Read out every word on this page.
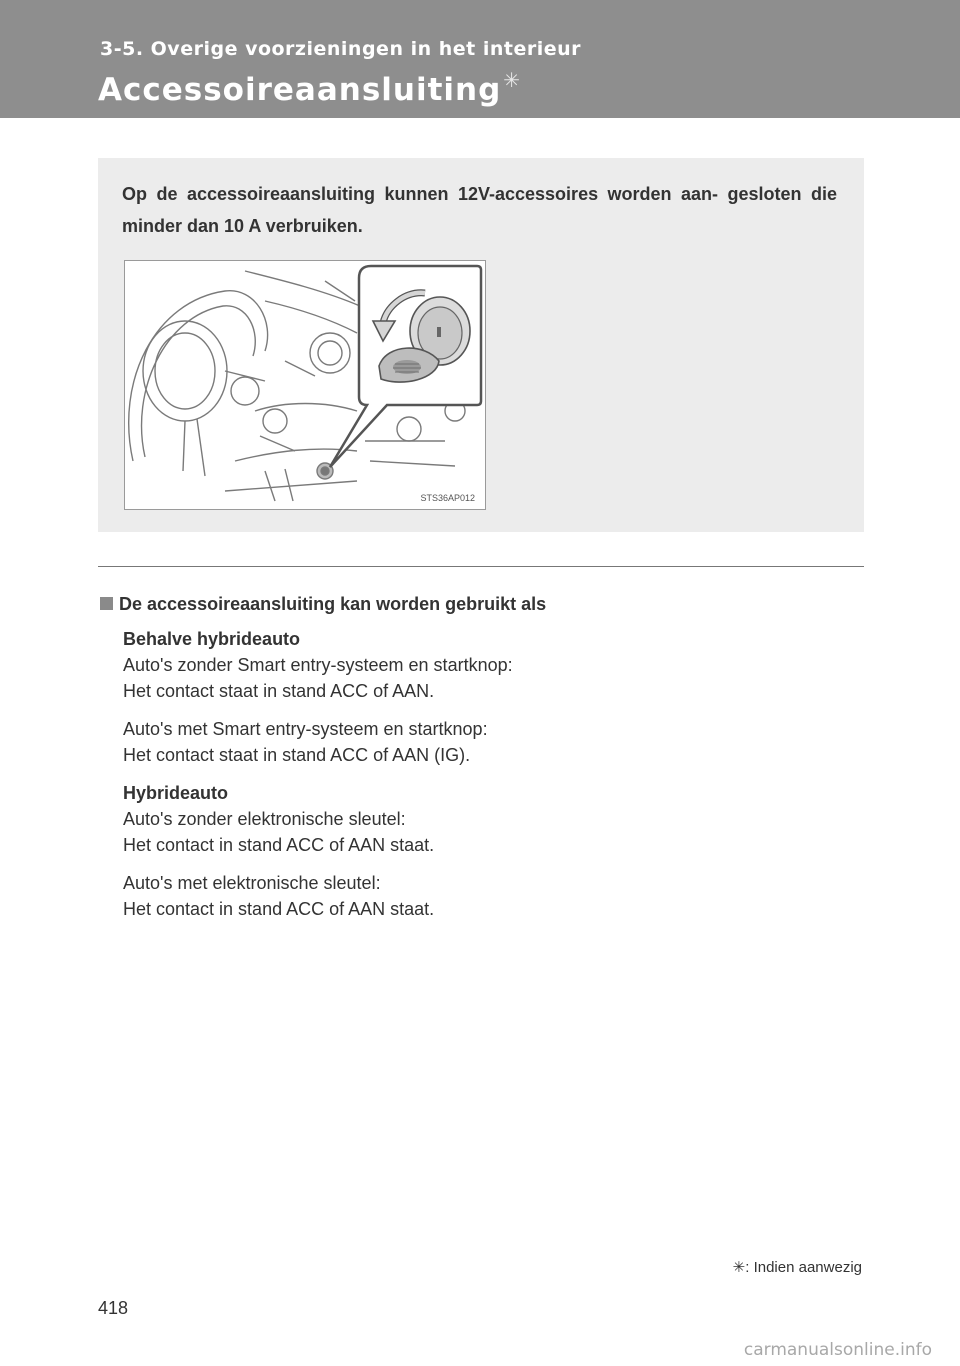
3-5. Overige voorzieningen in het interieur
Accessoireaansluiting ✳
Op de accessoireaansluiting kunnen 12V-accessoires worden aan- gesloten die minder dan 10 A verbruiken.
STS36AP012
De accessoireaansluiting kan worden gebruikt als
Behalve hybrideauto
Auto's zonder Smart entry-systeem en startknop:
Het contact staat in stand ACC of AAN.
Auto's met Smart entry-systeem en startknop:
Het contact staat in stand ACC of AAN (IG).
Hybrideauto
Auto's zonder elektronische sleutel:
Het contact in stand ACC of AAN staat.
Auto's met elektronische sleutel:
Het contact in stand ACC of AAN staat.
✳: Indien aanwezig
418
carmanualsonline.info
